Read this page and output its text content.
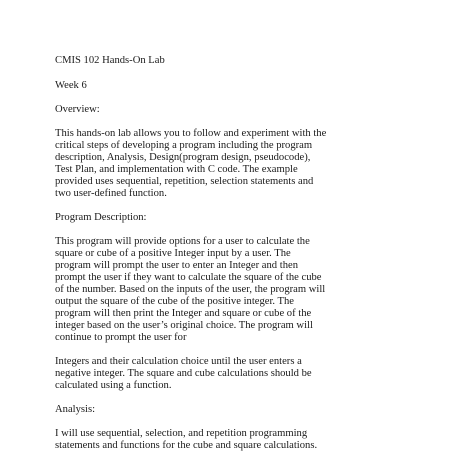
CMIS 102 Hands-On Lab
Week 6
Overview:
This hands-on lab allows you to follow and experiment with the
critical steps of developing a program including the program
description, Analysis, Design(program design, pseudocode),
Test Plan, and implementation with C code. The example
provided uses sequential, repetition, selection statements and
two user-defined function.
Program Description:
This program will provide options for a user to calculate the
square or cube of a positive Integer input by a user. The
program will prompt the user to enter an Integer and then
prompt the user if they want to calculate the square of the cube
of the number. Based on the inputs of the user, the program will
output the square of the cube of the positive integer. The
program will then print the Integer and square or cube of the
integer based on the user’s original choice. The program will
continue to prompt the user for
Integers and their calculation choice until the user enters a
negative integer. The square and cube calculations should be
calculated using a function.
Analysis:
I will use sequential, selection, and repetition programming
statements and functions for the cube and square calculations.
